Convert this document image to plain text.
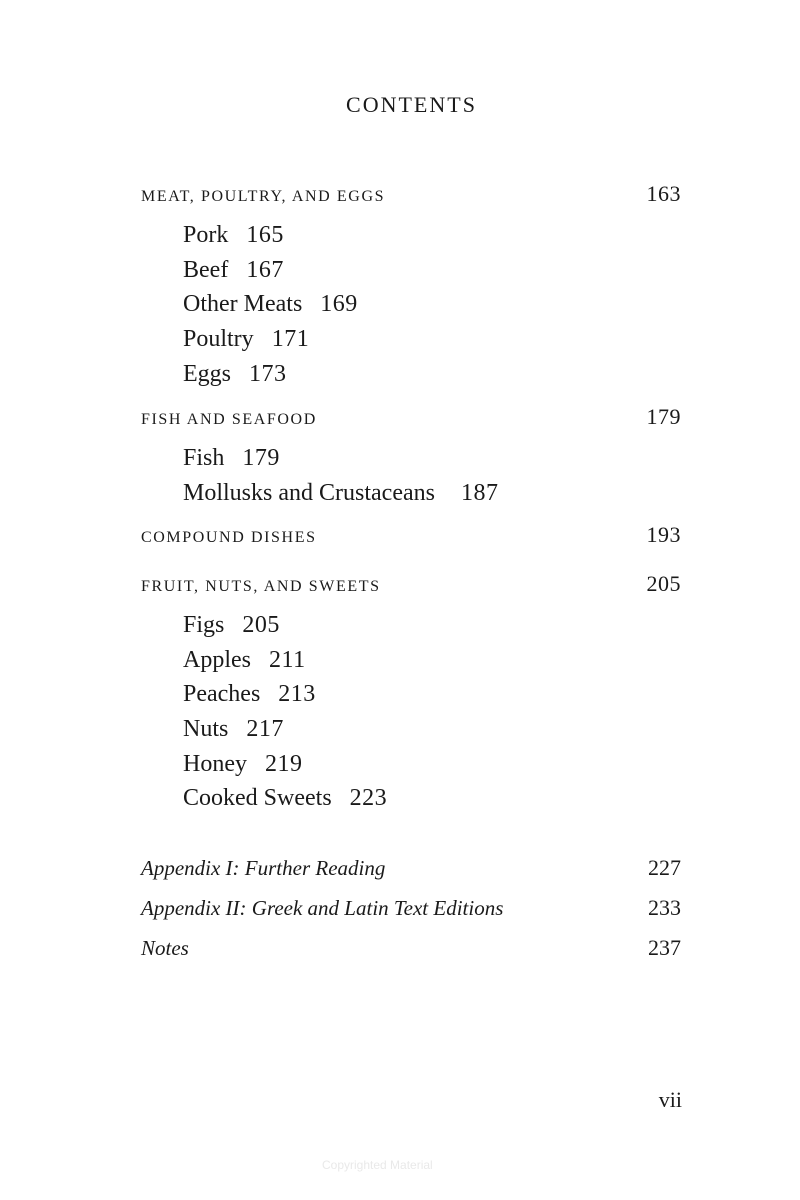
CONTENTS
MEAT, POULTRY, AND EGGS	163
Pork 165
Beef 167
Other Meats 169
Poultry 171
Eggs 173
FISH AND SEAFOOD	179
Fish 179
Mollusks and Crustaceans 187
COMPOUND DISHES	193
FRUIT, NUTS, AND SWEETS	205
Figs 205
Apples 211
Peaches 213
Nuts 217
Honey 219
Cooked Sweets 223
Appendix I: Further Reading	227
Appendix II: Greek and Latin Text Editions	233
Notes	237
vii
Copyrighted Material
